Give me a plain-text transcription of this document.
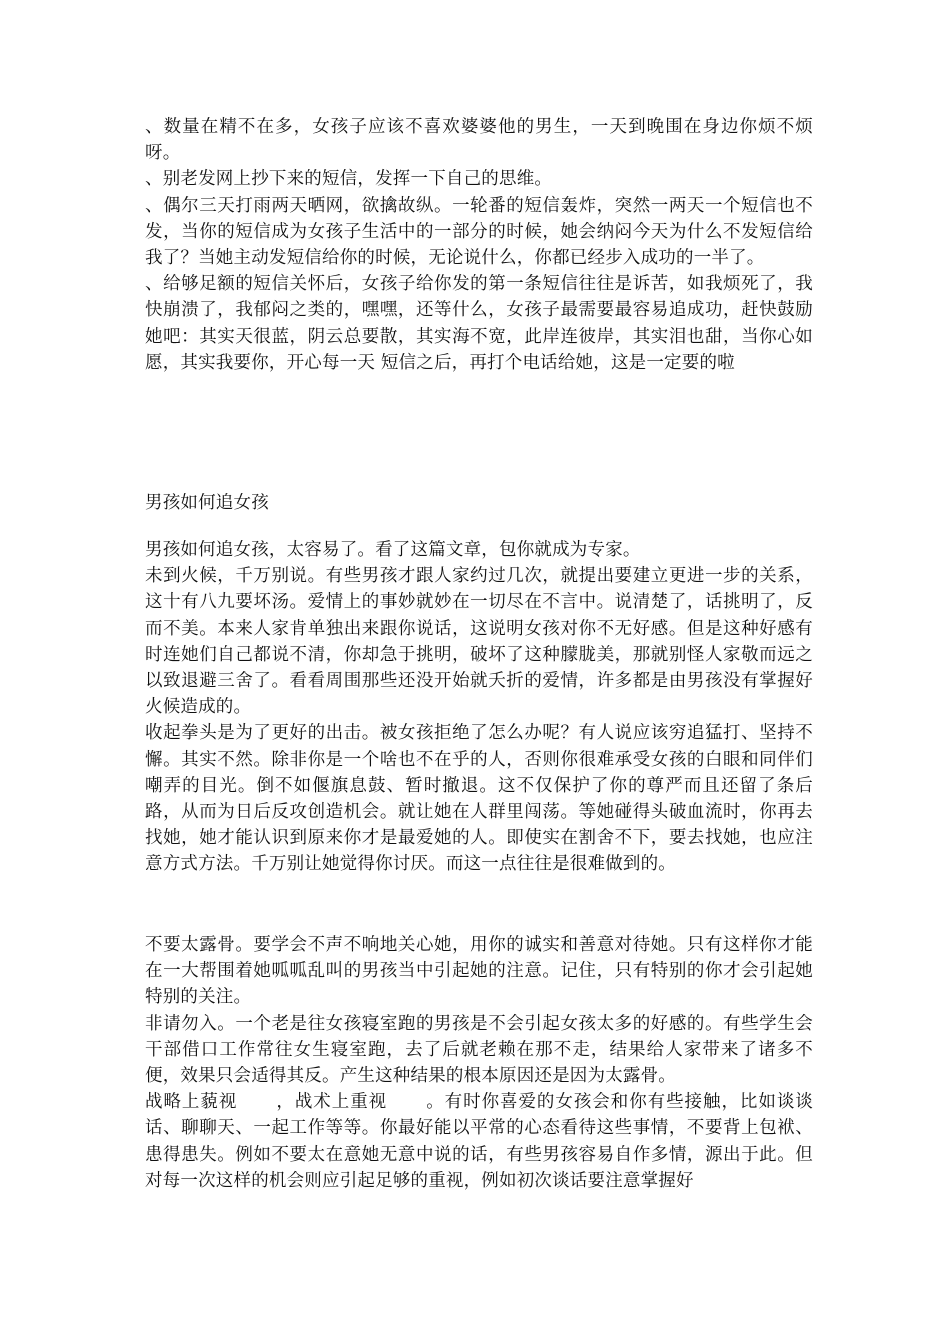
、数量在精不在多，女孩子应该不喜欢婆婆他的男生，一天到晚围在身边你烦不烦呀。

、别老发网上抄下来的短信，发挥一下自己的思维。

、偶尔三天打雨两天晒网，欲擒故纵。一轮番的短信轰炸，突然一两天一个短信也不发，当你的短信成为女孩子生活中的一部分的时候，她会纳闷今天为什么不发短信给我了？当她主动发短信给你的时候，无论说什么，你都已经步入成功的一半了。

、给够足额的短信关怀后，女孩子给你发的第一条短信往往是诉苦，如我烦死了，我快崩溃了，我郁闷之类的，嘿嘿，还等什么，女孩子最需要最容易追成功，赶快鼓励她吧：其实天很蓝，阴云总要散，其实海不宽，此岸连彼岸，其实泪也甜，当你心如愿，其实我要你，开心每一天 短信之后，再打个电话给她，这是一定要的啦

男孩如何追女孩

男孩如何追女孩，太容易了。看了这篇文章，包你就成为专家。

未到火候，千万别说。有些男孩才跟人家约过几次，就提出要建立更进一步的关系，这十有八九要坏汤。爱情上的事妙就妙在一切尽在不言中。说清楚了，话挑明了，反而不美。本来人家肯单独出来跟你说话，这说明女孩对你不无好感。但是这种好感有时连她们自己都说不清，你却急于挑明，破坏了这种朦胧美，那就别怪人家敬而远之以致退避三舍了。看看周围那些还没开始就夭折的爱情，许多都是由男孩没有掌握好火候造成的。

收起拳头是为了更好的出击。被女孩拒绝了怎么办呢？有人说应该穷追猛打、坚持不懈。其实不然。除非你是一个啥也不在乎的人，否则你很难承受女孩的白眼和同伴们嘲弄的目光。倒不如偃旗息鼓、暂时撤退。这不仅保护了你的尊严而且还留了条后路，从而为日后反攻创造机会。就让她在人群里闯荡。等她碰得头破血流时，你再去找她，她才能认识到原来你才是最爱她的人。即使实在割舍不下，要去找她，也应注意方式方法。千万别让她觉得你讨厌。而这一点往往是很难做到的。

不要太露骨。要学会不声不响地关心她，用你的诚实和善意对待她。只有这样你才能在一大帮围着她呱呱乱叫的男孩当中引起她的注意。记住，只有特别的你才会引起她特别的关注。

非请勿入。一个老是往女孩寝室跑的男孩是不会引起女孩太多的好感的。有些学生会干部借口工作常往女生寝室跑，去了后就老赖在那不走，结果给人家带来了诸多不便，效果只会适得其反。产生这种结果的根本原因还是因为太露骨。

战略上藐视      ，战术上重视      。有时你喜爱的女孩会和你有些接触，比如谈谈话、聊聊天、一起工作等等。你最好能以平常的心态看待这些事情，不要背上包袱、患得患失。例如不要太在意她无意中说的话，有些男孩容易自作多情，源出于此。但对每一次这样的机会则应引起足够的重视，例如初次谈话要注意掌握好
